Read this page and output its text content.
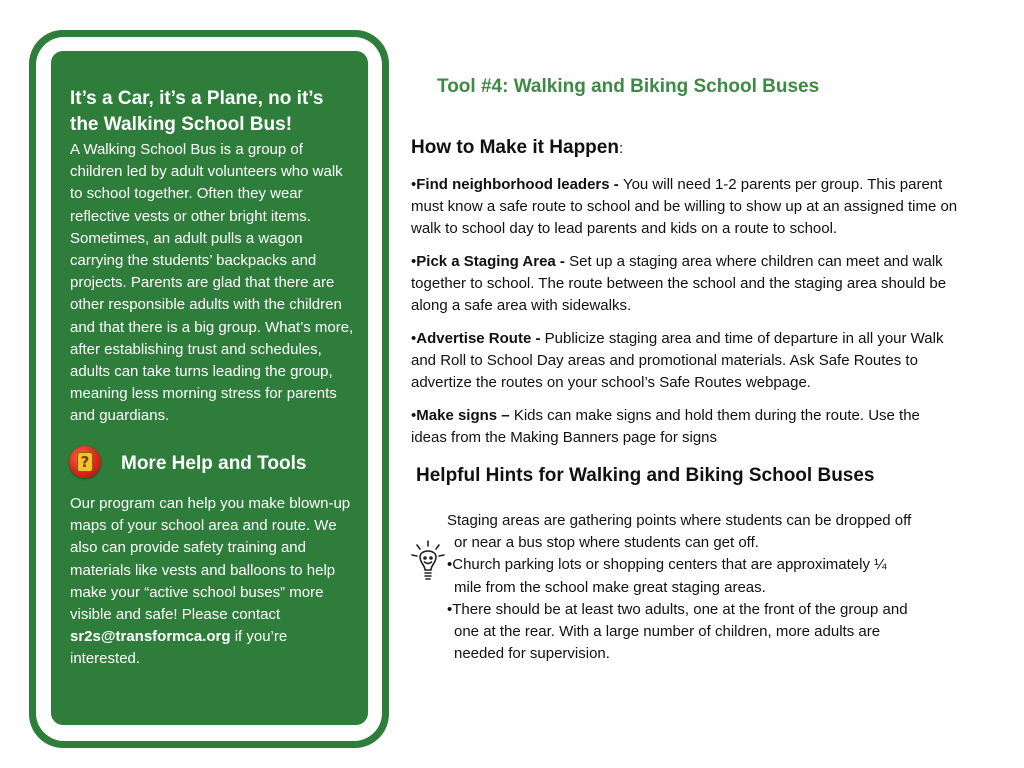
It’s a Car, it’s a Plane, no it’s the Walking School Bus!
A Walking School Bus is a group of children led by adult volunteers who walk to school together. Often they wear reflective vests or other bright items. Sometimes, an adult pulls a wagon carrying the students’ backpacks and projects. Parents are glad that there are other responsible adults with the children and that there is a big group. What’s more, after establishing trust and schedules, adults can take turns leading the group, meaning less morning stress for parents and guardians.
? More Help and Tools
Our program can help you make blown-up maps of your school area and route. We also can provide safety training and materials like vests and balloons to help make your “active school buses” more visible and safe! Please contact sr2s@transformca.org if you’re interested.
Tool #4: Walking and Biking School Buses
How to Make it Happen:

•Find neighborhood leaders - You will need 1-2 parents per group. This parent must know a safe route to school and be willing to show up at an assigned time on walk to school day to lead parents and kids on a route to school.

•Pick a Staging Area - Set up a staging area where children can meet and walk together to school. The route between the school and the staging area should be along a safe area with sidewalks.

•Advertise Route - Publicize staging area and time of departure in all your Walk and Roll to School Day areas and promotional materials. Ask Safe Routes to advertize the routes on your school’s Safe Routes webpage.

•Make signs – Kids can make signs and hold them during the route. Use the ideas from the Making Banners page for signs

Helpful Hints for Walking and Biking School Buses
Staging areas are gathering points where students can be dropped off
or near a bus stop where students can get off.
•Church parking lots or shopping centers that are approximately ¼
mile from the school make great staging areas.
•There should be at least two adults, one at the front of the group and
one at the rear. With a large number of children, more adults are
needed for supervision.
